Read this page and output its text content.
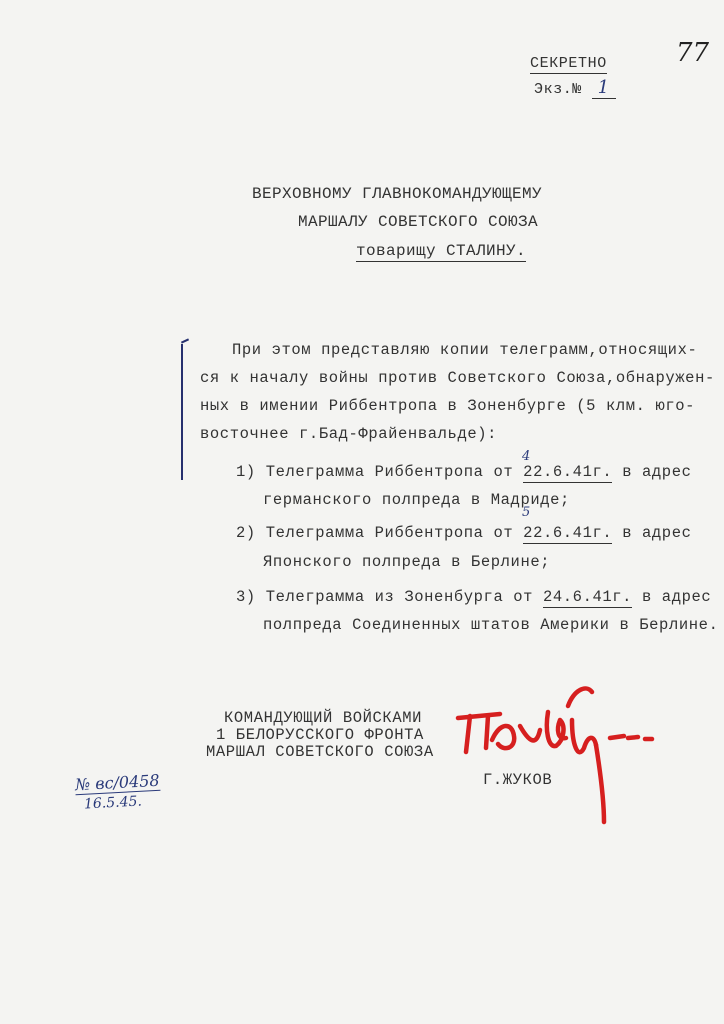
77
СЕКРЕТНО
Экз.№ 1
ВЕРХОВНОМУ ГЛАВНОКОМАНДУЮЩЕМУ
МАРШАЛУ СОВЕТСКОГО СОЮЗА
товарищу СТАЛИНУ.
При этом представляю копии телеграмм,относящих-
ся к началу войны против Советского Союза,обнаружен-
ных в имении Риббентропа в Зоненбурге (5 клм. юго-
восточнее г.Бад-Фрайенвальде):
1) Телеграмма Риббентропа от 22.6.41г. в адрес
4
германского полпреда в Мадриде;
2) Телеграмма Риббентропа от 22.6.41г. в адрес
5
Японского полпреда в Берлине;
3) Телеграмма из Зоненбурга от 24.6.41г. в адрес
полпреда Соединенных штатов Америки в Берлине.
КОМАНДУЮЩИЙ ВОЙСКАМИ
1 БЕЛОРУССКОГО ФРОНТА
МАРШАЛ СОВЕТСКОГО СОЮЗА
Г.ЖУКОВ
№ вс/0458
16.5.45.
